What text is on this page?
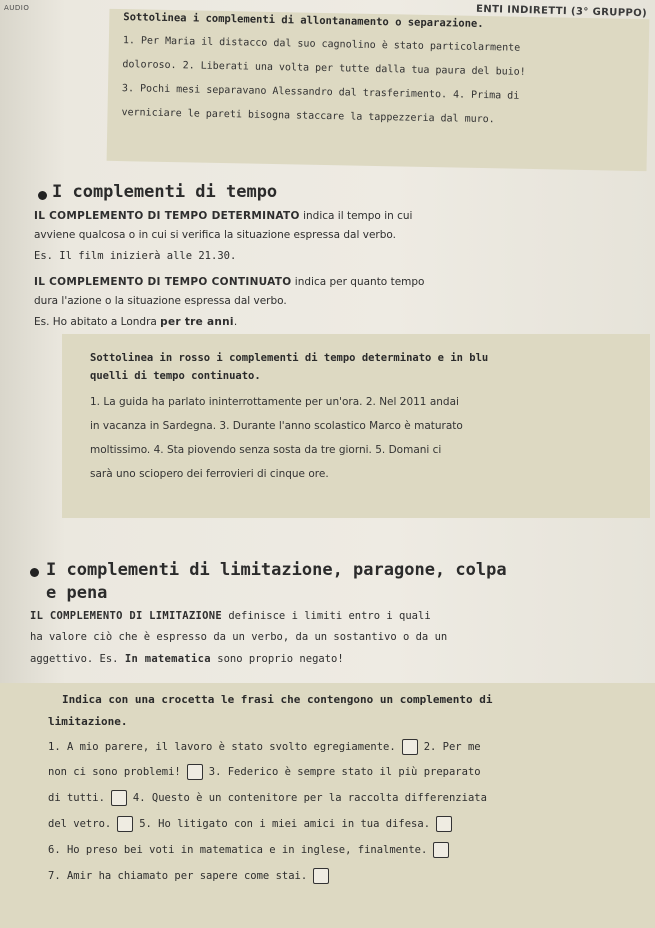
AUDIO	ENTI INDIRETTI (3° GRUPPO)
Sottolinea i complementi di allontanamento o separazione.
1. Per Maria il distacco dal suo cagnolino è stato particolarmente
doloroso. 2. Liberati una volta per tutte dalla tua paura del buio!
3. Pochi mesi separavano Alessandro dal trasferimento. 4. Prima di
verniciare le pareti bisogna staccare la tappezzeria dal muro.
I complementi di tempo
IL COMPLEMENTO DI TEMPO DETERMINATO indica il tempo in cui
avviene qualcosa o in cui si verifica la situazione espressa dal verbo.
Es. Il film inizierà alle 21.30.
IL COMPLEMENTO DI TEMPO CONTINUATO indica per quanto tempo
dura l'azione o la situazione espressa dal verbo.
Es. Ho abitato a Londra per tre anni.
Sottolinea in rosso i complementi di tempo determinato e in blu
quelli di tempo continuato.
1. La guida ha parlato ininterrottamente per un'ora. 2. Nel 2011 andai
in vacanza in Sardegna. 3. Durante l'anno scolastico Marco è maturato
moltissimo. 4. Sta piovendo senza sosta da tre giorni. 5. Domani ci
sarà uno sciopero dei ferrovieri di cinque ore.
I complementi di limitazione, paragone, colpa
e pena
IL COMPLEMENTO DI LIMITAZIONE definisce i limiti entro i quali
ha valore ciò che è espresso da un verbo, da un sostantivo o da un
aggettivo. Es. In matematica sono proprio negato!
Indica con una crocetta le frasi che contengono un complemento di
limitazione.
1. A mio parere, il lavoro è stato svolto egregiamente.	2. Per me
non ci sono problemi!	3. Federico è sempre stato il più preparato
di tutti.	4. Questo è un contenitore per la raccolta differenziata
del vetro.	5. Ho litigato con i miei amici in tua difesa.
6. Ho preso bei voti in matematica e in inglese, finalmente.
7. Amir ha chiamato per sapere come stai.
